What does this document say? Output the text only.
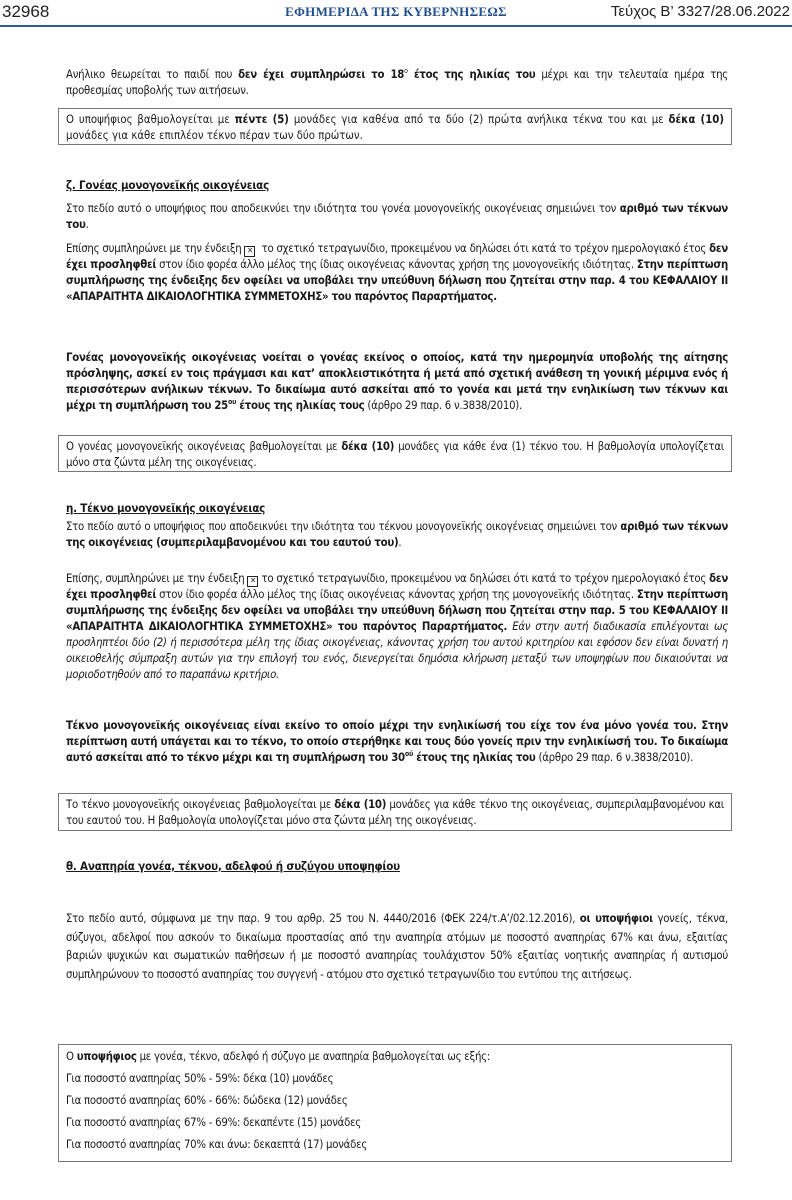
32968	ΕΦΗΜΕΡΙΔΑ ΤΗΣ ΚΥΒΕΡΝΗΣΕΩΣ	Τεύχος Β’ 3327/28.06.2022

Ανήλικο θεωρείται το παιδί που δεν έχει συμπληρώσει το $18^o$ έτος της ηλικίας του μέχρι και την τελευταία ημέρα της προθεσμίας υποβολής των αιτήσεων.

Ο υποψήφιος βαθμολογείται με πέντε (5) μονάδες για καθένα από τα δύο (2) πρώτα ανήλικα τέκνα του και με δέκα (10) μονάδες για κάθε επιπλέον τέκνο πέραν των δύο πρώτων.

ζ. Γονέας μονογονεϊκής οικογένειας

Στο πεδίο αυτό ο υποψήφιος που αποδεικνύει την ιδιότητα του γονέα μονογονεϊκής οικογένειας σημειώνει τον αριθμό των τέκνων του.

Επίσης συμπληρώνει με την ένδειξη ✕ το σχετικό τετραγωνίδιο, προκειμένου να δηλώσει ότι κατά το τρέχον ημερολογιακό έτος δεν έχει προσληφθεί στον ίδιο φορέα άλλο μέλος της ίδιας οικογένειας κάνοντας χρήση της μονογονεϊκής ιδιότητας. Στην περίπτωση συμπλήρωσης της ένδειξης δεν οφείλει να υποβάλει την υπεύθυνη δήλωση που ζητείται στην παρ. 4 του ΚΕΦΑΛΑΙΟΥ ΙΙ «ΑΠΑΡΑΙΤΗΤΑ ΔΙΚΑΙΟΛΟΓΗΤΙΚΑ ΣΥΜΜΕΤΟΧΗΣ» του παρόντος Παραρτήματος.

Γονέας μονογονεϊκής οικογένειας νοείται ο γονέας εκείνος ο οποίος, κατά την ημερομηνία υποβολής της αίτησης πρόσληψης, ασκεί εν τοις πράγμασι και κατ’ αποκλειστικότητα ή μετά από σχετική ανάθεση τη γονική μέριμνα ενός ή περισσότερων ανήλικων τέκνων. Το δικαίωμα αυτό ασκείται από το γονέα και μετά την ενηλικίωση των τέκνων και μέχρι τη συμπλήρωση του $25^{o\upsilon}$ έτους της ηλικίας τους (άρθρο 29 παρ. 6 ν.3838/2010).

Ο γονέας μονογονεϊκής οικογένειας βαθμολογείται με δέκα (10) μονάδες για κάθε ένα (1) τέκνο του. Η βαθμολογία υπολογίζεται μόνο στα ζώντα μέλη της οικογένειας.

η. Τέκνο μονογονεϊκής οικογένειας

Στο πεδίο αυτό ο υποψήφιος που αποδεικνύει την ιδιότητα του τέκνου μονογονεϊκής οικογένειας σημειώνει τον αριθμό των τέκνων της οικογένειας (συμπεριλαμβανομένου και του εαυτού του).

Επίσης, συμπληρώνει με την ένδειξη ✕ το σχετικό τετραγωνίδιο, προκειμένου να δηλώσει ότι κατά το τρέχον ημερολογιακό έτος δεν έχει προσληφθεί στον ίδιο φορέα άλλο μέλος της ίδιας οικογένειας κάνοντας χρήση της μονογονεϊκής ιδιότητας. Στην περίπτωση συμπλήρωσης της ένδειξης δεν οφείλει να υποβάλει την υπεύθυνη δήλωση που ζητείται στην παρ. 5 του ΚΕΦΑΛΑΙΟΥ ΙΙ «ΑΠΑΡΑΙΤΗΤΑ ΔΙΚΑΙΟΛΟΓΗΤΙΚΑ ΣΥΜΜΕΤΟΧΗΣ» του παρόντος Παραρτήματος. Εάν στην αυτή διαδικασία επιλέγονται ως προσληπτέοι δύο (2) ή περισσότερα μέλη της ίδιας οικογένειας, κάνοντας χρήση του αυτού κριτηρίου και εφόσον δεν είναι δυνατή η οικειοθελής σύμπραξη αυτών για την επιλογή του ενός, διενεργείται δημόσια κλήρωση μεταξύ των υποψηφίων που δικαιούνται να μοριοδοτηθούν από το παραπάνω κριτήριο.

Τέκνο μονογονεϊκής οικογένειας είναι εκείνο το οποίο μέχρι την ενηλικίωσή του είχε τον ένα μόνο γονέα του. Στην περίπτωση αυτή υπάγεται και το τέκνο, το οποίο στερήθηκε και τους δύο γονείς πριν την ενηλικίωσή του. Το δικαίωμα αυτό ασκείται από το τέκνο μέχρι και τη συμπλήρωση του $30^{oύ}$ έτους της ηλικίας του (άρθρο 29 παρ. 6 ν.3838/2010).

Το τέκνο μονογονεϊκής οικογένειας βαθμολογείται με δέκα (10) μονάδες για κάθε τέκνο της οικογένειας, συμπεριλαμβανομένου και του εαυτού του. Η βαθμολογία υπολογίζεται μόνο στα ζώντα μέλη της οικογένειας.

θ. Αναπηρία γονέα, τέκνου, αδελφού ή συζύγου υποψηφίου

Στο πεδίο αυτό, σύμφωνα με την παρ. 9 του αρθρ. 25 του Ν. 4440/2016 (ΦΕΚ 224/τ.Α’/02.12.2016), οι υποψήφιοι γονείς, τέκνα, σύζυγοι, αδελφοί που ασκούν το δικαίωμα προστασίας από την αναπηρία ατόμων με ποσοστό αναπηρίας 67% και άνω, εξαιτίας βαριών ψυχικών και σωματικών παθήσεων ή με ποσοστό αναπηρίας τουλάχιστον 50% εξαιτίας νοητικής αναπηρίας ή αυτισμού συμπληρώνουν το ποσοστό αναπηρίας του συγγενή - ατόμου στο σχετικό τετραγωνίδιο του εντύπου της αιτήσεως.

Ο υποψήφιος με γονέα, τέκνο, αδελφό ή σύζυγο με αναπηρία βαθμολογείται ως εξής:

Για ποσοστό αναπηρίας 50% - 59%: δέκα (10) μονάδες

Για ποσοστό αναπηρίας 60% - 66%: δώδεκα (12) μονάδες

Για ποσοστό αναπηρίας 67% - 69%: δεκαπέντε (15) μονάδες

Για ποσοστό αναπηρίας 70% και άνω: δεκαεπτά (17) μονάδες
